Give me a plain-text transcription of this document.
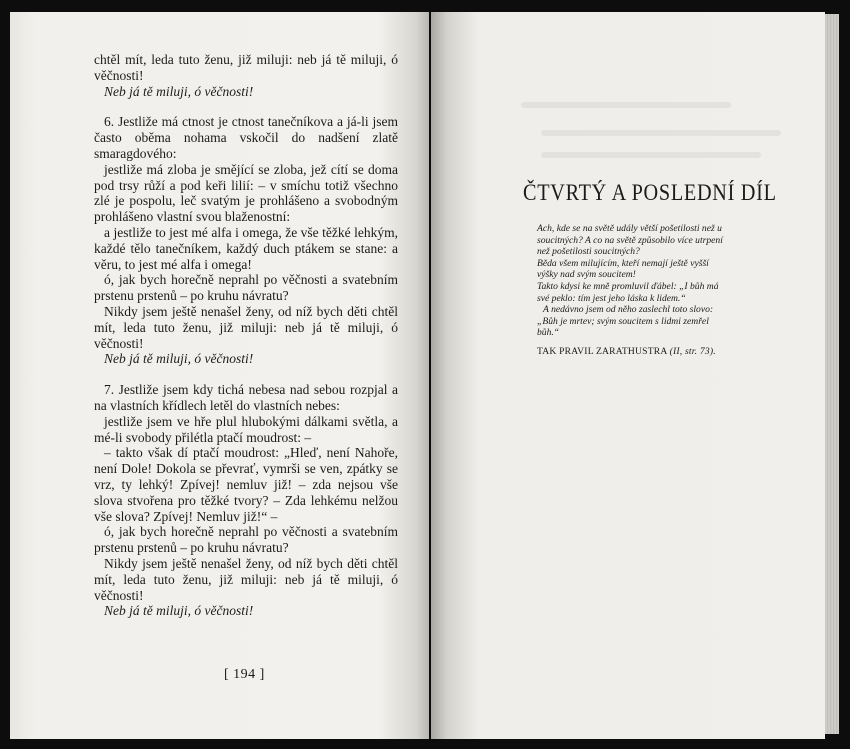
chtěl mít, leda tuto ženu, již miluji: neb já tě miluji, ó věčnosti!

Neb já tě miluji, ó věčnosti!

6. Jestliže má ctnost je ctnost tanečníkova a já-li jsem často oběma nohama vskočil do nadšení zlatě smaragdového:

jestliže má zloba je smějící se zloba, jež cítí se doma pod trsy růží a pod keři lilií: – v smíchu totiž všechno zlé je pospolu, leč svatým je prohlášeno a svobodným prohlášeno vlastní svou blaženostní:

a jestliže to jest mé alfa i omega, že vše těžké lehkým, každé tělo tanečníkem, každý duch ptákem se stane: a věru, to jest mé alfa i omega!

ó, jak bych horečně neprahl po věčnosti a svatebním prstenu prstenů – po kruhu návratu?

Nikdy jsem ještě nenašel ženy, od níž bych děti chtěl mít, leda tuto ženu, již miluji: neb já tě miluji, ó věčnosti!

Neb já tě miluji, ó věčnosti!

7. Jestliže jsem kdy tichá nebesa nad sebou rozpjal a na vlastních křídlech letěl do vlastních nebes:

jestliže jsem ve hře plul hlubokými dálkami světla, a mé-li svobody přilétla ptačí moudrost: –

– takto však dí ptačí moudrost: „Hleď, není Nahoře, není Dole! Dokola se převrať, vymrši se ven, zpátky se vrz, ty lehký! Zpívej! nemluv již! – zda nejsou vše slova stvořena pro těžké tvory? – Zda lehkému nelžou vše slova? Zpívej! Nemluv již!“ –

ó, jak bych horečně neprahl po věčnosti a svatebním prstenu prstenů – po kruhu návratu?

Nikdy jsem ještě nenašel ženy, od níž bych děti chtěl mít, leda tuto ženu, již miluji: neb já tě miluji, ó věčnosti!

Neb já tě miluji, ó věčnosti!

[ 194 ]
ČTVRTÝ A POSLEDNÍ DÍL

Ach, kde se na světě udály větší pošetilosti než u soucitných? A co na světě způsobilo více utrpení než pošetilosti soucitných?

Běda všem milujícím, kteří nemají ještě vyšší výšky nad svým soucitem!

Takto kdysi ke mně promluvil ďábel: „I bůh má své peklo: tím jest jeho láska k lidem.“

A nedávno jsem od něho zaslechl toto slovo: „Bůh je mrtev; svým soucitem s lidmi zemřel bůh.“

TAK PRAVIL ZARATHUSTRA (II, str. 73).
